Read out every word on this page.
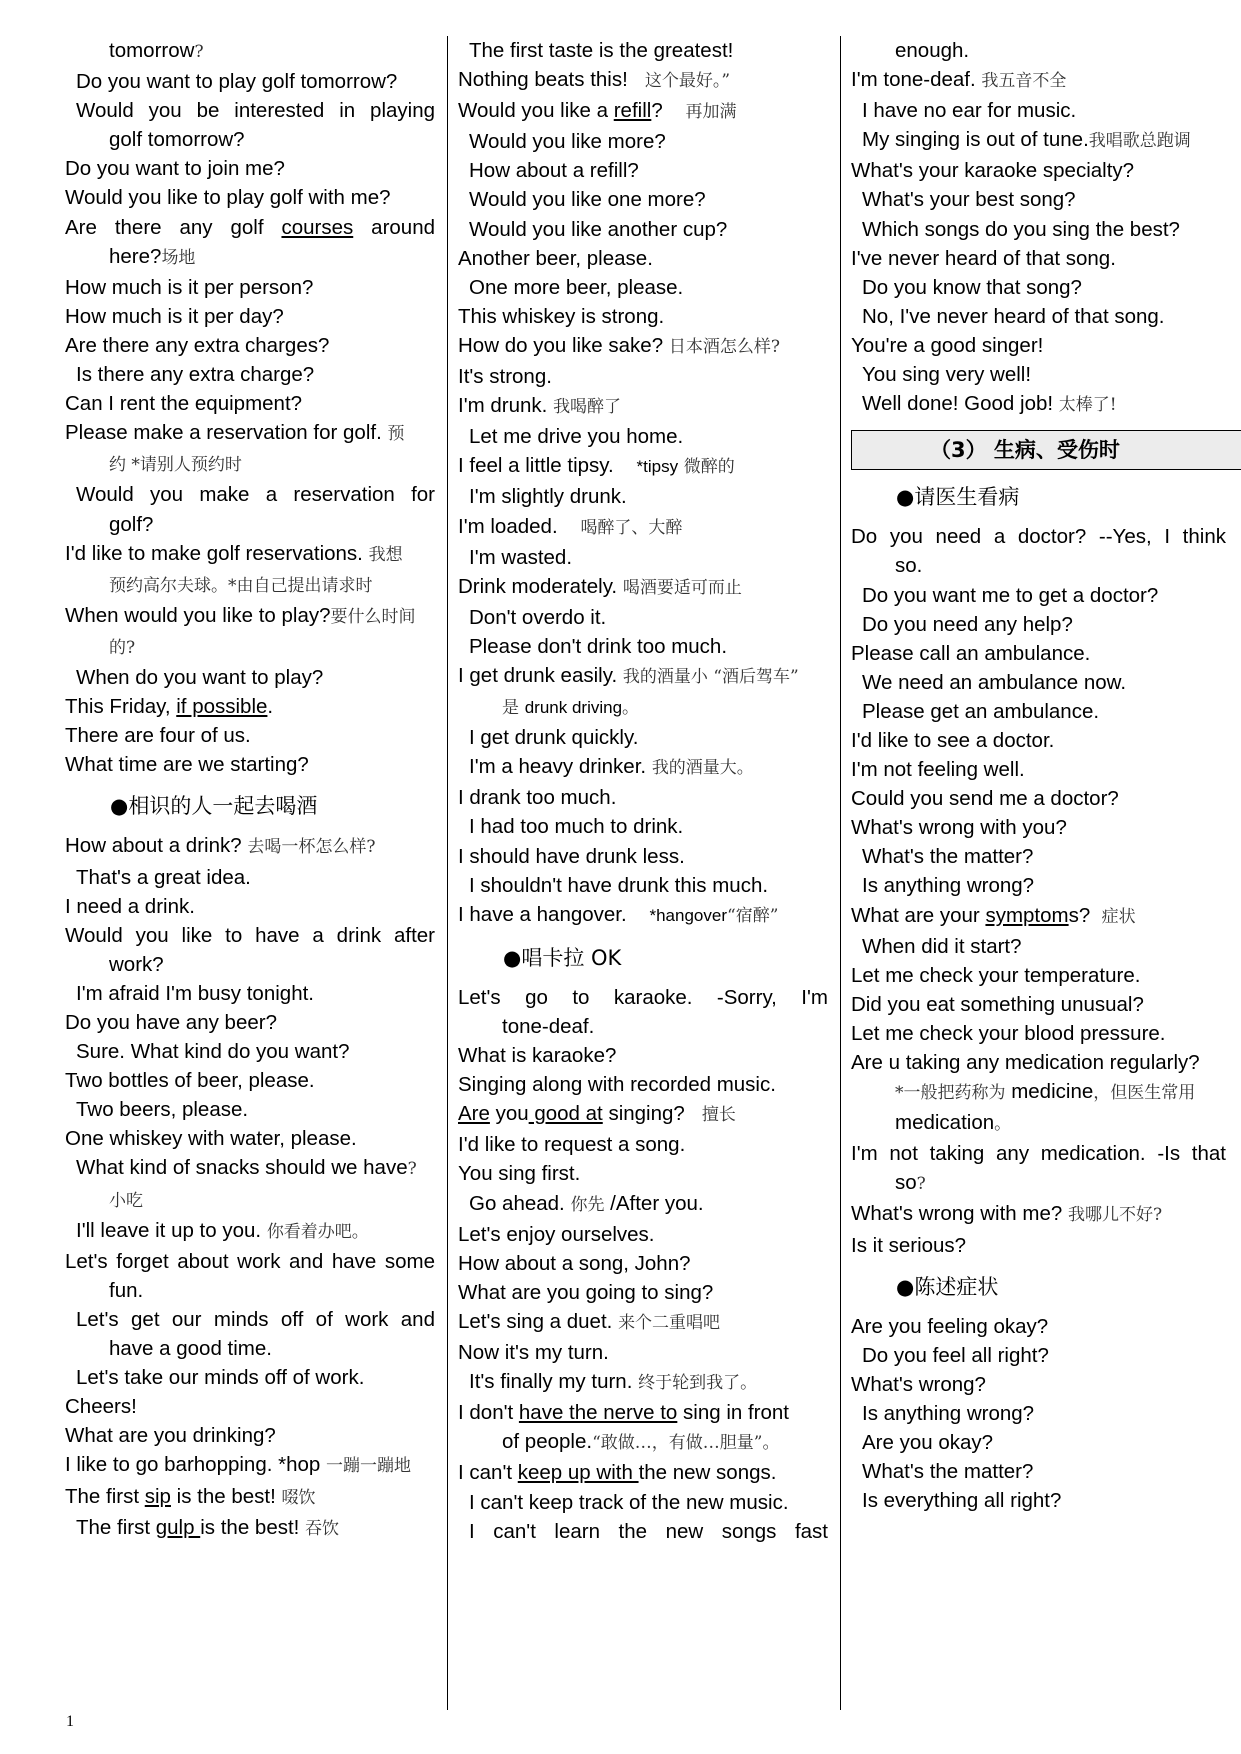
tomorrow?
Do you want to play golf tomorrow?
Would you be interested in playing
golf tomorrow?
Do you want to join me?
Would you like to play golf with me?
Are there any golf courses around
here?场地
How much is it per person?
How much is it per day?
Are there any extra charges?
Is there any extra charge?
Can I rent the equipment?
Please make a reservation for golf. 预
约 *请别人预约时
Would you make a reservation for
golf?
I'd like to make golf reservations. 我想
预约高尔夫球。*由自己提出请求时
When would you like to play?要什么时间
的?
When do you want to play?
This Friday, if possible.
There are four of us.
What time are we starting?
●相识的人一起去喝酒
How about a drink? 去喝一杯怎么样?
That's a great idea.
I need a drink.
Would you like to have a drink after
work?
I'm afraid I'm busy tonight.
Do you have any beer?
Sure. What kind do you want?
Two bottles of beer, please.
Two beers, please.
One whiskey with water, please.
What kind of snacks should we have?
小吃
I'll leave it up to you. 你看着办吧。
Let's forget about work and have some
fun.
Let's get our minds off of work and
have a good time.
Let's take our minds off of work.
Cheers!
What are you drinking?
I like to go barhopping. *hop 一蹦一蹦地
The first sip is the best! 啜饮
The first gulp is the best! 吞饮
The first taste is the greatest!
Nothing beats this! 这个最好。”
Would you like a refill? 再加满
Would you like more?
How about a refill?
Would you like one more?
Would you like another cup?
Another beer, please.
One more beer, please.
This whiskey is strong.
How do you like sake? 日本酒怎么样?
It's strong.
I'm drunk. 我喝醉了
Let me drive you home.
I feel a little tipsy. *tipsy 微醉的
I'm slightly drunk.
I'm loaded. 喝醉了、大醉
I'm wasted.
Drink moderately. 喝酒要适可而止
Don't overdo it.
Please don't drink too much.
I get drunk easily. 我的酒量小 “酒后驾车”
是 drunk driving。
I get drunk quickly.
I'm a heavy drinker. 我的酒量大。
I drank too much.
I had too much to drink.
I should have drunk less.
I shouldn't have drunk this much.
I have a hangover. *hangover“宿醉”
●唱卡拉 OK
Let's go to karaoke. -Sorry, I'm
tone-deaf.
What is karaoke?
Singing along with recorded music.
Are you good at singing? 擅长
I'd like to request a song.
You sing first.
Go ahead. 你先 /After you.
Let's enjoy ourselves.
How about a song, John?
What are you going to sing?
Let's sing a duet. 来个二重唱吧
Now it's my turn.
It's finally my turn. 终于轮到我了。
I don't have the nerve to sing in front
of people.“敢做…，有做…胆量”。
I can't keep up with the new songs.
I can't keep track of the new music.
I can't learn the new songs fast
enough.
I'm tone-deaf. 我五音不全
I have no ear for music.
My singing is out of tune.我唱歌总跑调
What's your karaoke specialty?
What's your best song?
Which songs do you sing the best?
I've never heard of that song.
Do you know that song?
No, I've never heard of that song.
You're a good singer!
You sing very well!
Well done! Good job! 太棒了!
（3） 生病、受伤时
●请医生看病
Do you need a doctor? --Yes, I think
so.
Do you want me to get a doctor?
Do you need any help?
Please call an ambulance.
We need an ambulance now.
Please get an ambulance.
I'd like to see a doctor.
I'm not feeling well.
Could you send me a doctor?
What's wrong with you?
What's the matter?
Is anything wrong?
What are your symptoms? 症状
When did it start?
Let me check your temperature.
Did you eat something unusual?
Let me check your blood pressure.
Are u taking any medication regularly?
*一般把药称为 medicine，但医生常用
medication。
I'm not taking any medication. -Is that
so?
What's wrong with me? 我哪儿不好?
Is it serious?
●陈述症状
Are you feeling okay?
Do you feel all right?
What's wrong?
Is anything wrong?
Are you okay?
What's the matter?
Is everything all right?
1
